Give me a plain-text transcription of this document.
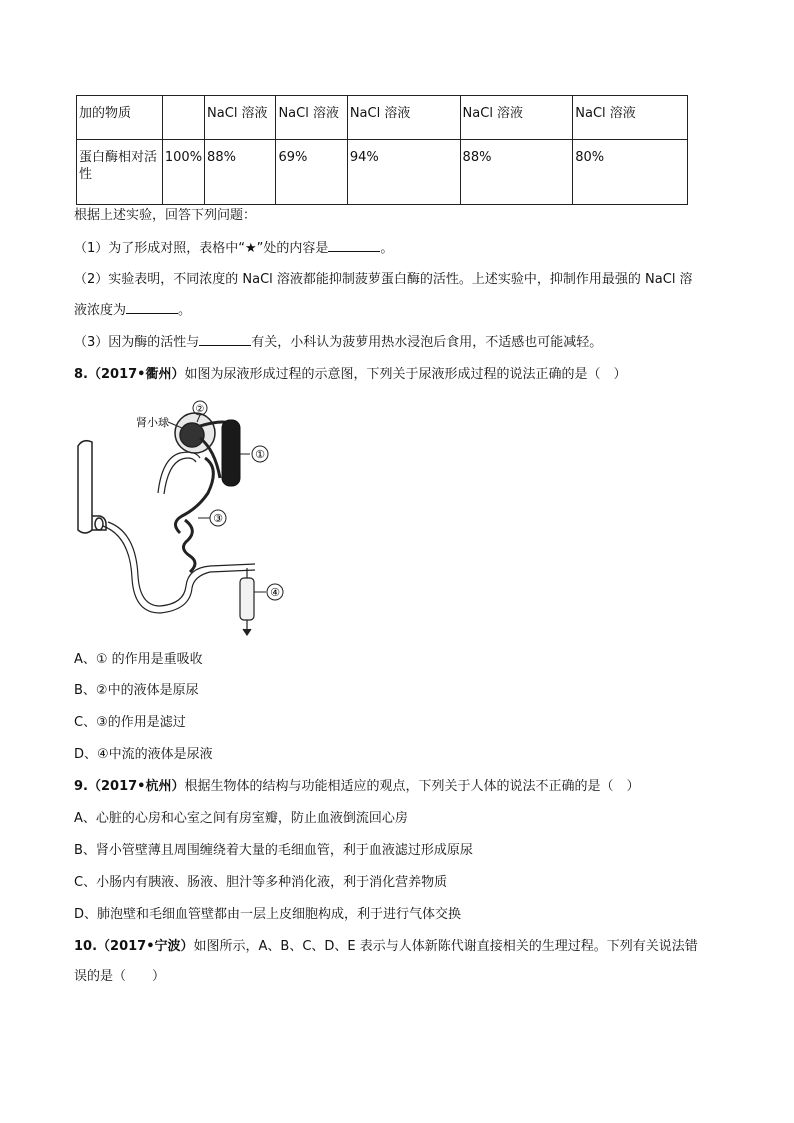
加的物质		NaCl 溶液	NaCl 溶液	NaCl 溶液	NaCl 溶液	NaCl 溶液
蛋白酶相对活性	100%	88%	69%	94%	88%	80%
根据上述实验，回答下列问题：
（1）为了形成对照，表格中“★”处的内容是	。
（2）实验表明，不同浓度的 NaCl 溶液都能抑制菠萝蛋白酶的活性。上述实验中，抑制作用最强的 NaCl 溶
液浓度为	。
（3）因为酶的活性与	有关，小科认为菠萝用热水浸泡后食用，不适感也可能减轻。
8.（2017•衢州）如图为尿液形成过程的示意图，下列关于尿液形成过程的说法正确的是（　）
肾小球
②
①
③
④
A、① 的作用是重吸收
B、②中的液体是原尿
C、③的作用是滤过
D、④中流的液体是尿液
9.（2017•杭州）根据生物体的结构与功能相适应的观点，下列关于人体的说法不正确的是（　）
A、心脏的心房和心室之间有房室瓣，防止血液倒流回心房
B、肾小管壁薄且周围缠绕着大量的毛细血管，利于血液滤过形成原尿
C、小肠内有胰液、肠液、胆汁等多种消化液，利于消化营养物质
D、肺泡壁和毛细血管壁都由一层上皮细胞构成，利于进行气体交换
10.（2017•宁波）如图所示，A、B、C、D、E 表示与人体新陈代谢直接相关的生理过程。下列有关说法错
误的是（　　）
